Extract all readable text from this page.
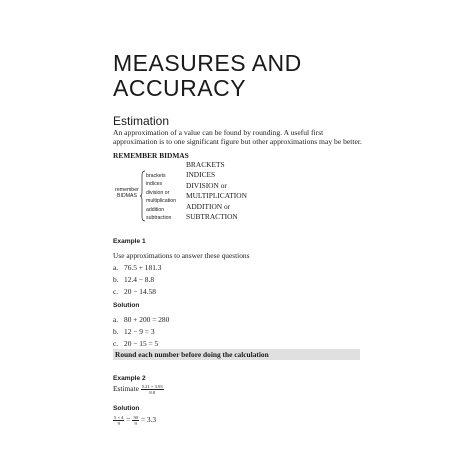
MEASURES AND
ACCURACY
Estimation
An approximation of a value can be found by rounding. A useful first approximation is to one significant figure but other approximations may be better.
REMEMBER BIDMAS
BRACKETS
INDICES
DIVISION or
MULTIPLICATION
ADDITION or
SUBTRACTION
remember
BIDMAS
brackets
indices
division or
multiplication
addition
subtraction
Example 1
Use approximations to answer these questions
a. 76.5 + 181.3
b. 12.4 − 8.8
c. 20 − 14.58
Solution
a. 80 + 200 = 280
b. 12 − 9 = 3
c. 20 − 15 = 5
Round each number before doing the calculation
Example 2
Estimate $\frac{5.21 \times 3.93}{8.8}$
Solution
$\frac{5 \times 4}{9} = \frac{30}{9} = 3.3$
